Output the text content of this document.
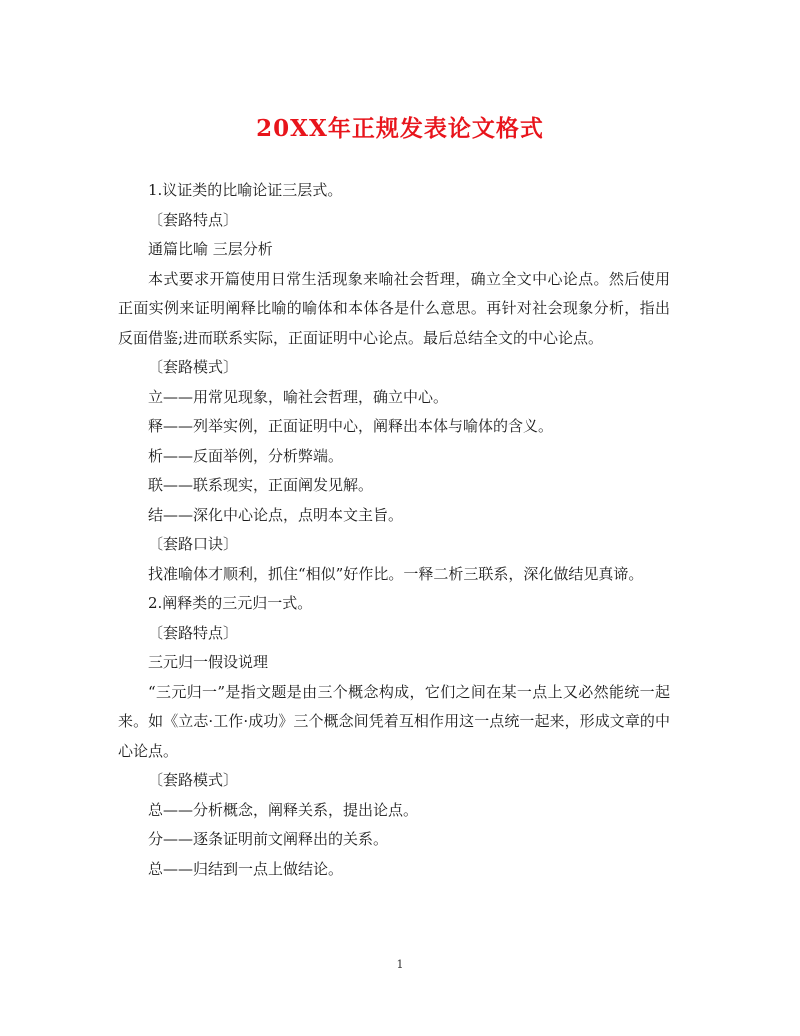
20XX年正规发表论文格式

1.议证类的比喻论证三层式。

〔套路特点〕

通篇比喻 三层分析

本式要求开篇使用日常生活现象来喻社会哲理，确立全文中心论点。然后使用正面实例来证明阐释比喻的喻体和本体各是什么意思。再针对社会现象分析，指出反面借鉴;进而联系实际，正面证明中心论点。最后总结全文的中心论点。

〔套路模式〕

立——用常见现象，喻社会哲理，确立中心。

释——列举实例，正面证明中心，阐释出本体与喻体的含义。

析——反面举例，分析弊端。

联——联系现实，正面阐发见解。

结——深化中心论点，点明本文主旨。

〔套路口诀〕

找准喻体才顺利，抓住“相似”好作比。一释二析三联系，深化做结见真谛。

2.阐释类的三元归一式。

〔套路特点〕

三元归一假设说理

“三元归一”是指文题是由三个概念构成，它们之间在某一点上又必然能统一起来。如《立志·工作·成功》三个概念间凭着互相作用这一点统一起来，形成文章的中心论点。

〔套路模式〕

总——分析概念，阐释关系，提出论点。

分——逐条证明前文阐释出的关系。

总——归结到一点上做结论。

1
